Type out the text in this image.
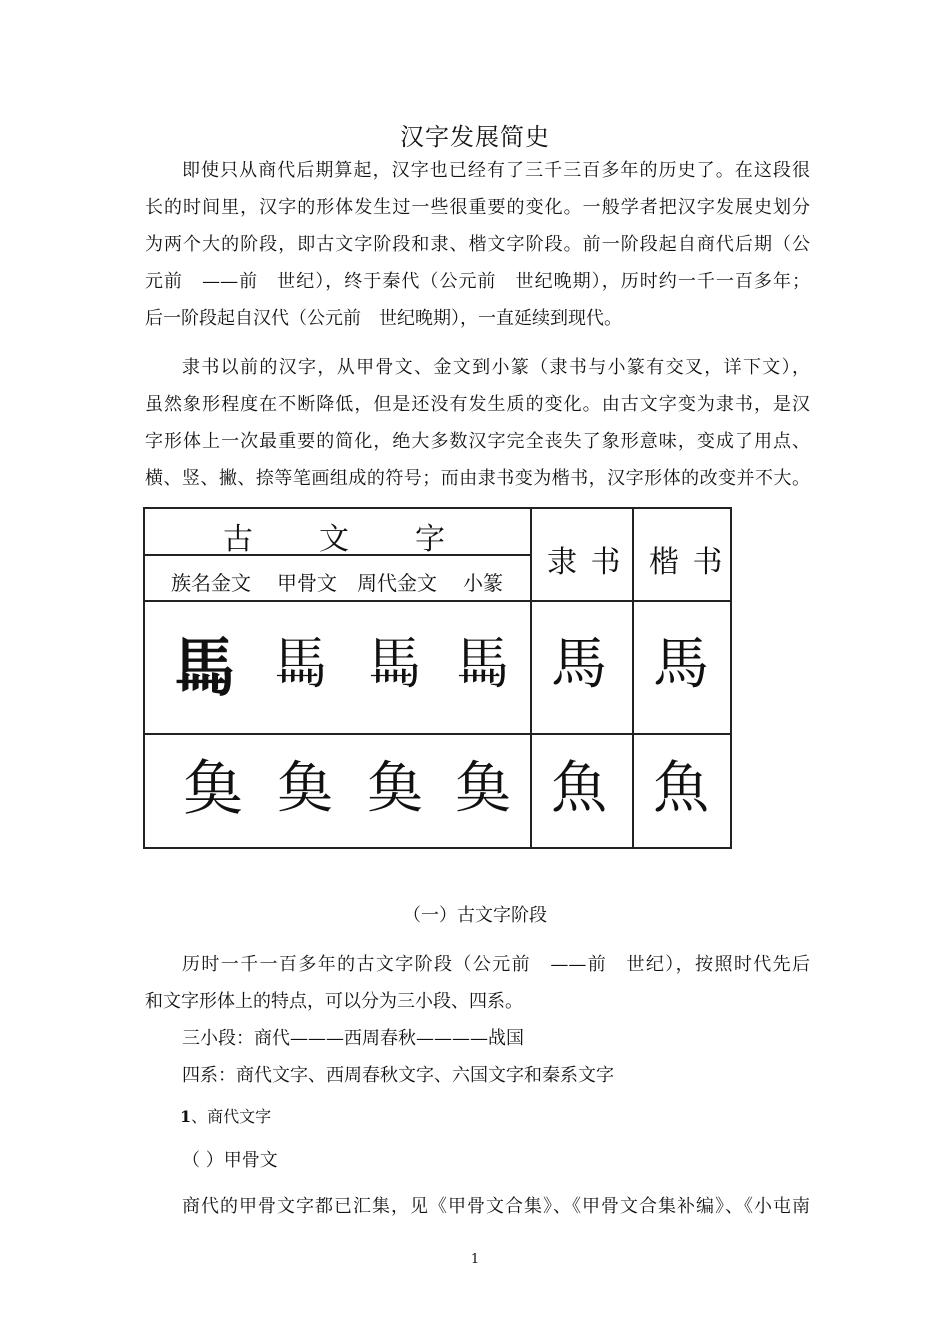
汉字发展简史
即使只从商代后期算起，汉字也已经有了三千三百多年的历史了。在这段很
长的时间里，汉字的形体发生过一些很重要的变化。一般学者把汉字发展史划分
为两个大的阶段，即古文字阶段和隶、楷文字阶段。前一阶段起自商代后期（公
元前　——前　世纪），终于秦代（公元前　世纪晚期），历时约一千一百多年；
后一阶段起自汉代（公元前　世纪晚期），一直延续到现代。
隶书以前的汉字，从甲骨文、金文到小篆（隶书与小篆有交叉，详下文），
虽然象形程度在不断降低，但是还没有发生质的变化。由古文字变为隶书，是汉
字形体上一次最重要的简化，绝大多数汉字完全丧失了象形意味，变成了用点、
横、竖、撇、捺等笔画组成的符号；而由隶书变为楷书，汉字形体的改变并不大。
古　　文　　字
隶 书 楷 书
族名金文 甲骨文 周代金文 小篆
𩡧 𩡧 𩡧 𩡧 馬 馬
𩵋 𩵋 𩵋 𩵋 魚 魚
（一）古文字阶段
历时一千一百多年的古文字阶段（公元前　——前　世纪），按照时代先后
和文字形体上的特点，可以分为三小段、四系。
三小段：商代———西周春秋————战国
四系：商代文字、西周春秋文字、六国文字和秦系文字
1、商代文字
（ ）甲骨文
商代的甲骨文字都已汇集，见《甲骨文合集》、《甲骨文合集补编》、《小屯南
1
